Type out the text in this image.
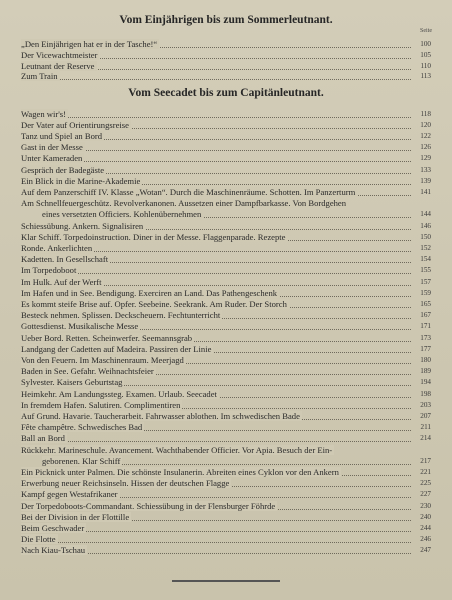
Vom Einjährigen bis zum Sommerleutnant.
Seite
Vom Seecadet bis zum Capitänleutnant.
„Den Einjährigen hat er in der Tasche!“	100
Der Vicewachtmeister	105
Leutnant der Reserve	110
Zum Train	113
Wagen wir's!	118
Der Vater auf Orientirungsreise	120
Tanz und Spiel an Bord	122
Gast in der Messe	126
Unter Kameraden	129
Gespräch der Badegäste	133
Ein Blick in die Marine-Akademie	139
Auf dem Panzerschiff IV. Klasse „Wotan“. Durch die Maschinenräume. Schotten. Im Panzerturm	141
Am Schnellfeuergeschütz. Revolverkanonen. Aussetzen einer Dampfbarkasse. Von Bordgehen
eines versetzten Officiers. Kohlenübernehmen	144
Schiessübung. Ankern. Signalisiren	146
Klar Schiff. Torpedoinstruction. Diner in der Messe. Flaggenparade. Rezepte	150
Ronde. Ankerlichten	152
Kadetten. In Gesellschaft	154
Im Torpedoboot	155
Im Hulk. Auf der Werft	157
Im Hafen und in See. Bendigung. Exerciren an Land. Das Pathengeschenk	159
Es kommt steife Brise auf. Opfer. Seebeine. Seekrank. Am Ruder. Der Storch	165
Besteck nehmen. Splissen. Deckscheuern. Fechtunterricht	167
Gottesdienst. Musikalische Messe	171
Ueber Bord. Retten. Scheinwerfer. Seemannsgrab	173
Landgang der Cadetten auf Madeira. Passiren der Linie	177
Von den Feuern. Im Maschinenraum. Meerjagd	180
Baden in See. Gefahr. Weihnachtsfeier	189
Sylvester. Kaisers Geburtstag	194
Heimkehr. Am Landungssteg. Examen. Urlaub. Seecadet	198
In fremdem Hafen. Salutiren. Complimentiren	203
Auf Grund. Havarie. Taucherarbeit. Fahrwasser ablothen. Im schwedischen Bade	207
Fête champêtre. Schwedisches Bad	211
Ball an Bord	214
Rückkehr. Marineschule. Avancement. Wachthabender Officier. Vor Apia. Besuch der Ein-
geborenen. Klar Schiff	217
Ein Picknick unter Palmen. Die schönste Insulanerin. Abreiten eines Cyklon vor den Ankern	221
Erwerbung neuer Reichsinseln. Hissen der deutschen Flagge	225
Kampf gegen Westafrikaner	227
Der Torpedoboots-Commandant. Schiessübung in der Flensburger Föhrde	230
Bei der Division in der Flottille	240
Beim Geschwader	244
Die Flotte	246
Nach Kiau-Tschau	247
